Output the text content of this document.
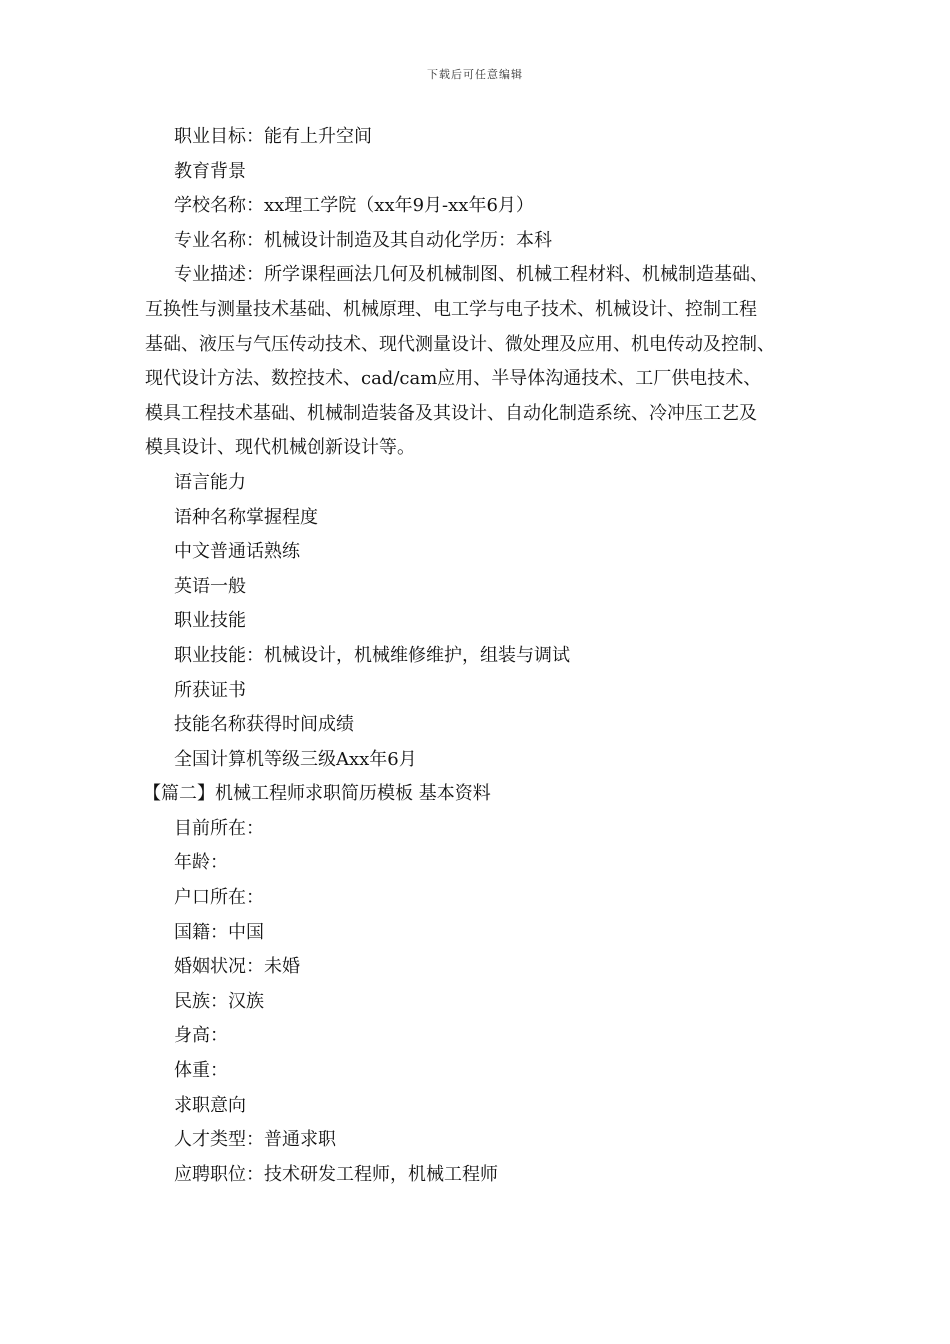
下载后可任意编辑
职业目标：能有上升空间
教育背景
学校名称：xx理工学院（xx年9月-xx年6月）
专业名称：机械设计制造及其自动化学历：本科
专业描述：所学课程画法几何及机械制图、机械工程材料、机械制造基础、
互换性与测量技术基础、机械原理、电工学与电子技术、机械设计、控制工程
基础、液压与气压传动技术、现代测量设计、微处理及应用、机电传动及控制、
现代设计方法、数控技术、cad/cam应用、半导体沟通技术、工厂供电技术、
模具工程技术基础、机械制造装备及其设计、自动化制造系统、冷冲压工艺及
模具设计、现代机械创新设计等。
语言能力
语种名称掌握程度
中文普通话熟练
英语一般
职业技能
职业技能：机械设计，机械维修维护，组装与调试
所获证书
技能名称获得时间成绩
全国计算机等级三级Axx年6月
【篇二】机械工程师求职简历模板 基本资料
目前所在：
年龄：
户口所在：
国籍：中国
婚姻状况：未婚
民族：汉族
身高：
体重：
求职意向
人才类型：普通求职
应聘职位：技术研发工程师，机械工程师
